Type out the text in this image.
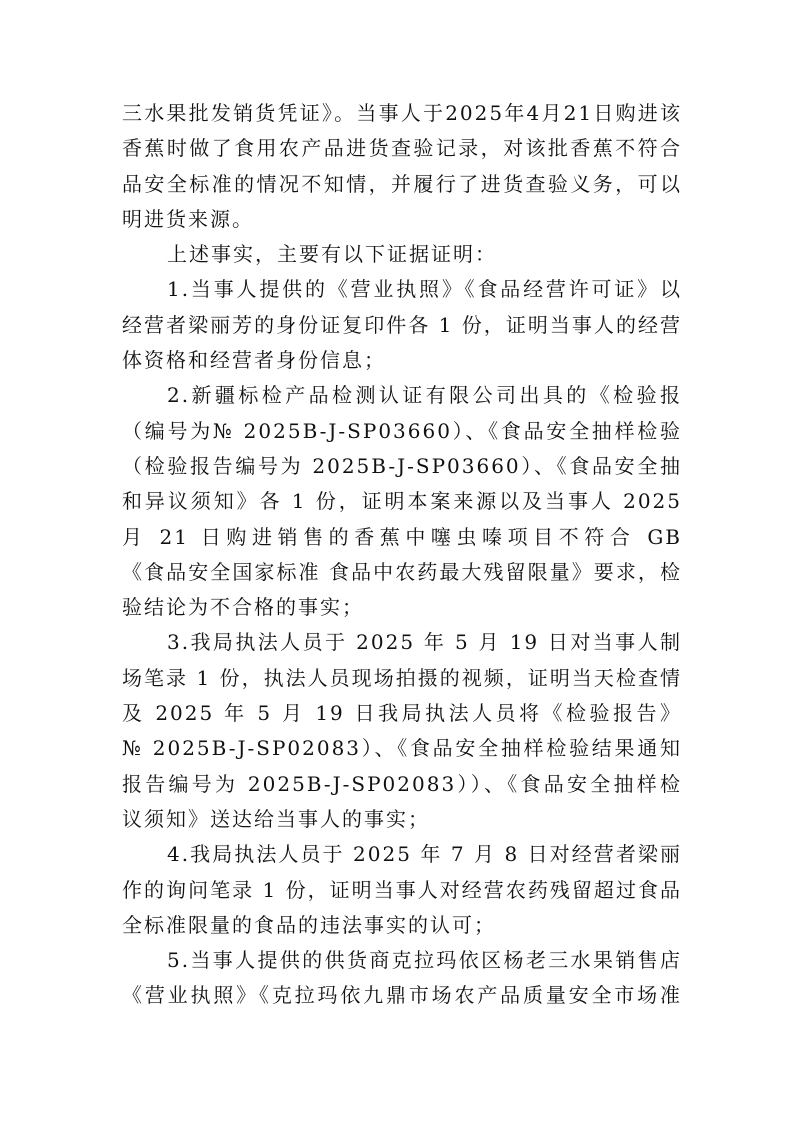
三水果批发销货凭证》。当事人于2025年4月21日购进该
香蕉时做了食用农产品进货查验记录，对该批香蕉不符合
品安全标准的情况不知情，并履行了进货查验义务，可以
明进货来源。
上述事实，主要有以下证据证明：
1.当事人提供的《营业执照》《食品经营许可证》以
经营者梁丽芳的身份证复印件各 1 份，证明当事人的经营
体资格和经营者身份信息；
2.新疆标检产品检测认证有限公司出具的《检验报
（编号为№ 2025B-J-SP03660）、《食品安全抽样检验
（检验报告编号为 2025B-J-SP03660）、《食品安全抽
和异议须知》各 1 份，证明本案来源以及当事人 2025
月 21 日购进销售的香蕉中噻虫嗪项目不符合 GB
《食品安全国家标准 食品中农药最大残留限量》要求，检
验结论为不合格的事实；
3.我局执法人员于 2025 年 5 月 19 日对当事人制
场笔录 1 份，执法人员现场拍摄的视频，证明当天检查情
及 2025 年 5 月 19 日我局执法人员将《检验报告》
№ 2025B-J-SP02083）、《食品安全抽样检验结果通知
报告编号为 2025B-J-SP02083））、《食品安全抽样检
议须知》送达给当事人的事实；
4.我局执法人员于 2025 年 7 月 8 日对经营者梁丽
作的询问笔录 1 份，证明当事人对经营农药残留超过食品
全标准限量的食品的违法事实的认可；
5.当事人提供的供货商克拉玛依区杨老三水果销售店
《营业执照》《克拉玛依九鼎市场农产品质量安全市场准
